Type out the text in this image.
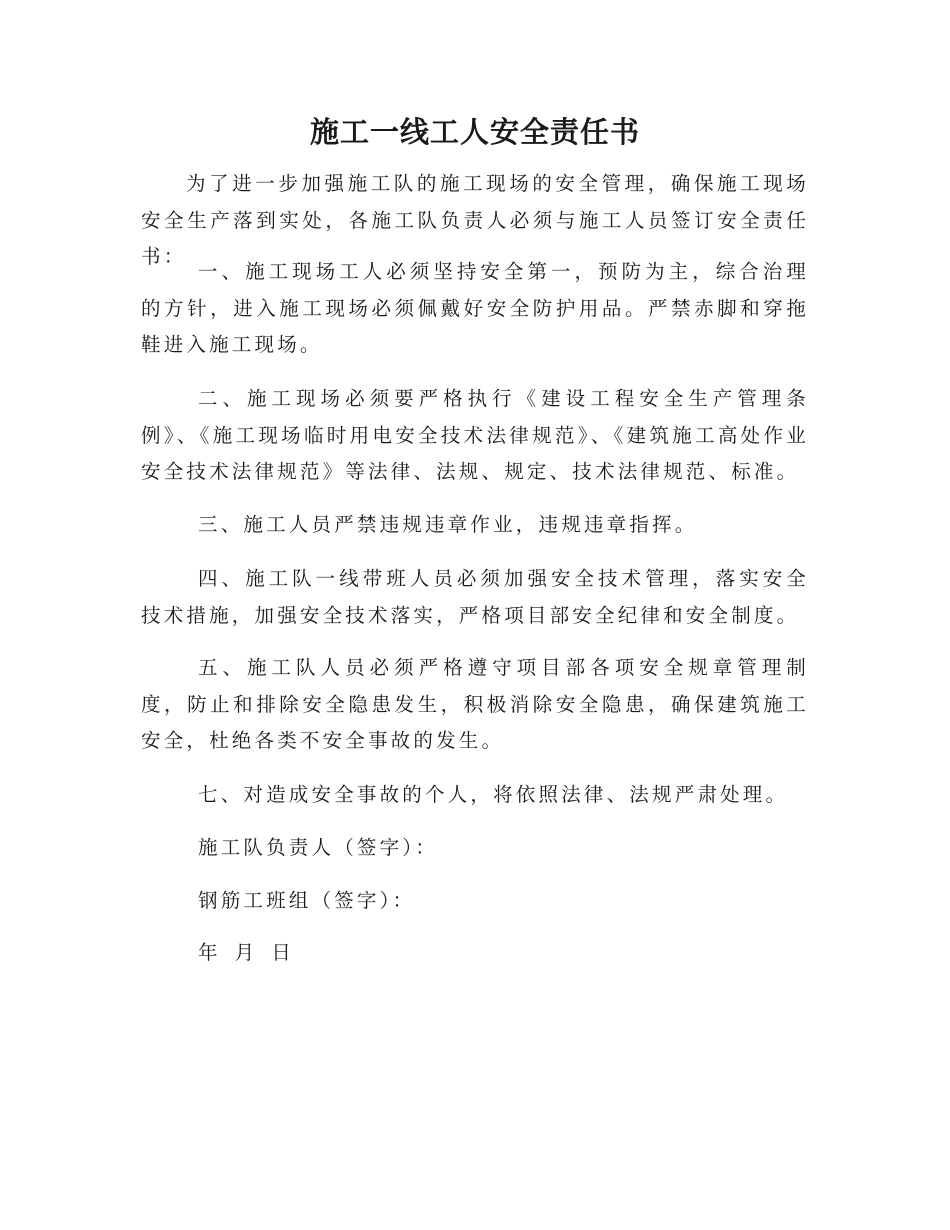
施工一线工人安全责任书

为了进一步加强施工队的施工现场的安全管理，确保施工现场安全生产落到实处，各施工队负责人必须与施工人员签订安全责任书：

一、施工现场工人必须坚持安全第一，预防为主，综合治理的方针，进入施工现场必须佩戴好安全防护用品。严禁赤脚和穿拖鞋进入施工现场。

二、施工现场必须要严格执行《建设工程安全生产管理条例》、《施工现场临时用电安全技术法律规范》、《建筑施工高处作业安全技术法律规范》等法律、法规、规定、技术法律规范、标准。

三、施工人员严禁违规违章作业，违规违章指挥。

四、施工队一线带班人员必须加强安全技术管理，落实安全技术措施，加强安全技术落实，严格项目部安全纪律和安全制度。

五、施工队人员必须严格遵守项目部各项安全规章管理制度，防止和排除安全隐患发生，积极消除安全隐患，确保建筑施工安全，杜绝各类不安全事故的发生。

七、对造成安全事故的个人，将依照法律、法规严肃处理。

施工队负责人（签字）：

钢筋工班组（签字）：

年 月 日
